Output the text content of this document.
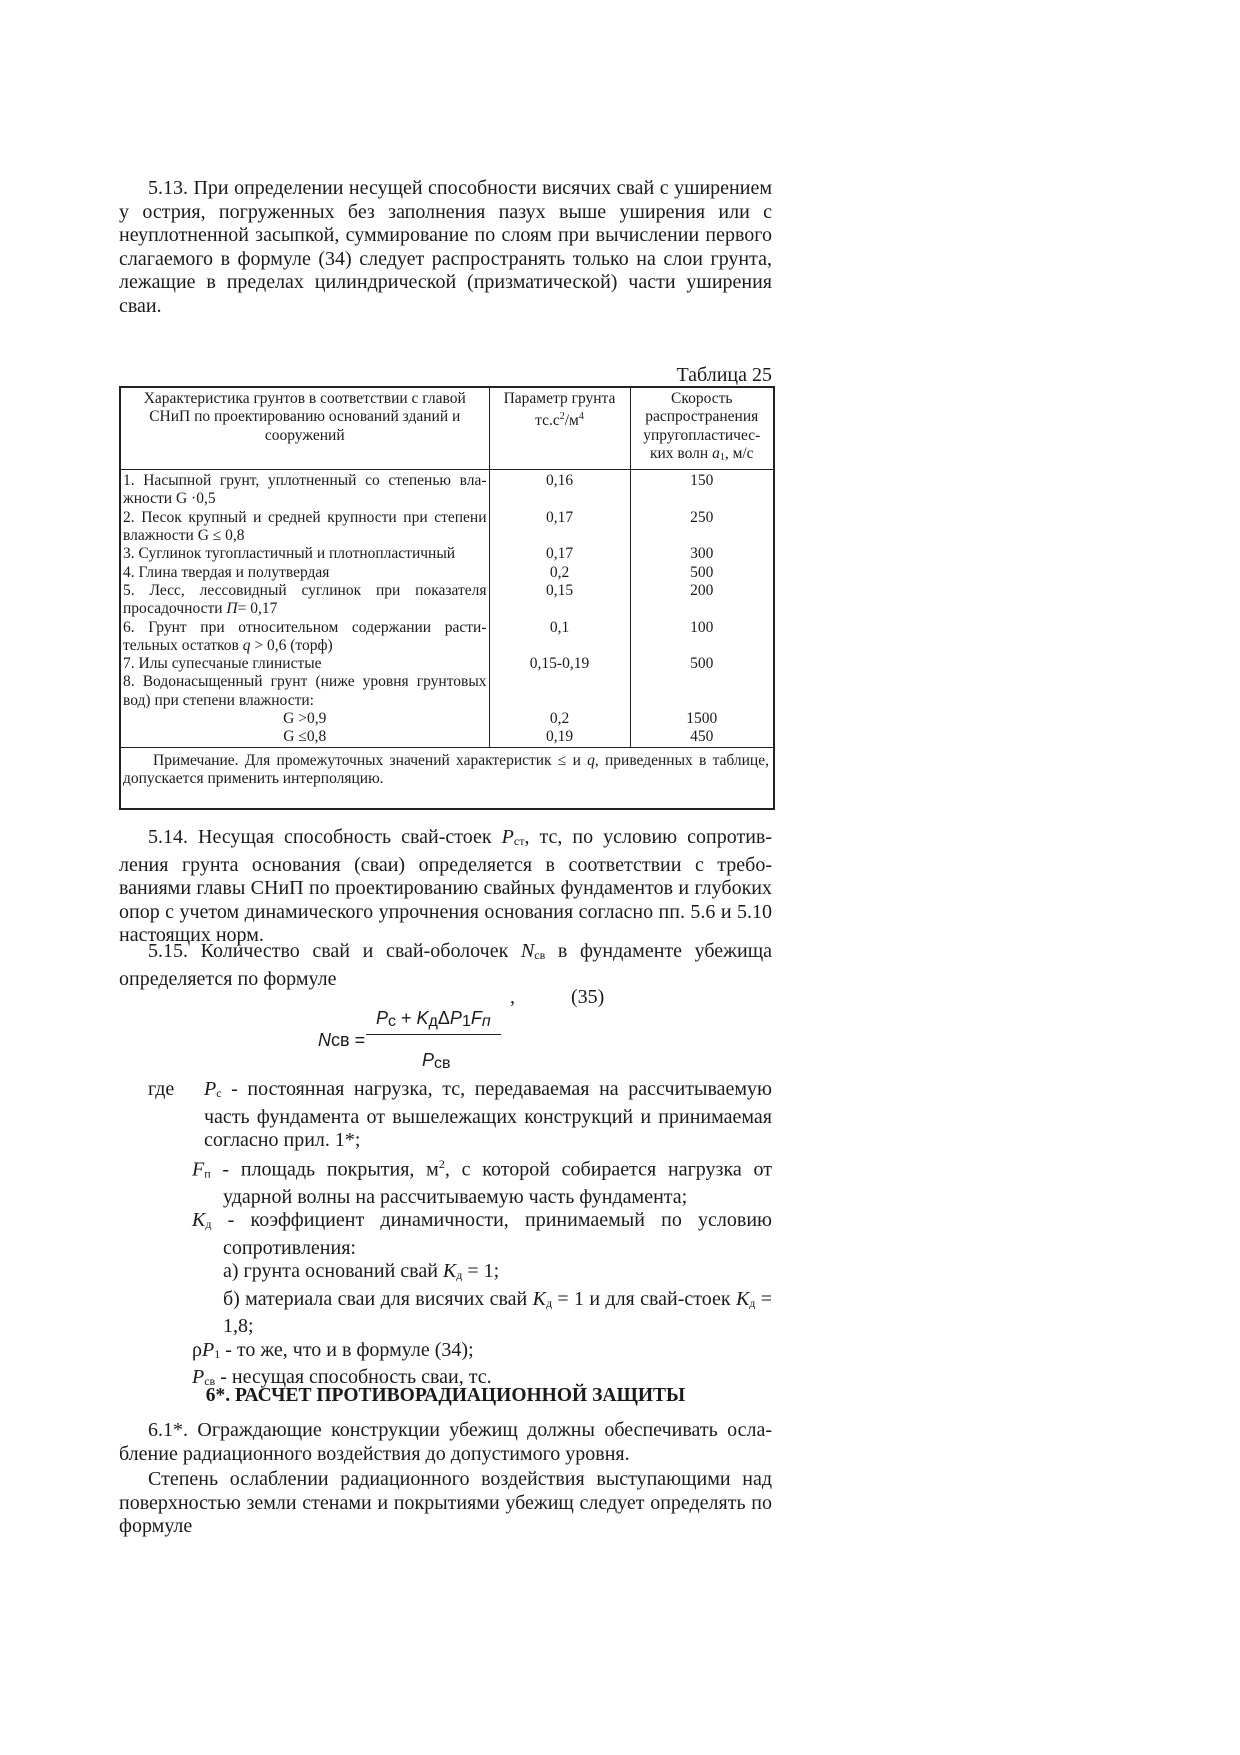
5.13. При определении несущей способности висячих свай с уширением у острия, погруженных без заполнения пазух выше уширения или с неуплотненной засыпкой, суммирование по слоям при вычислении первого слагаемого в формуле (34) следует распространять только на слои грунта, лежащие в пределах цилиндрической (призматической) части уширения сваи.

Таблица 25
Характеристика грунтов в соответствии с главой СНиП по проектированию оснований зданий и сооружений	Параметр грунта $тс.с^2/м^4$	Скорость распространения упругопластичес-ких волн $a_1$, м/с
1. Насыпной грунт, уплотненный со степенью вла-жности G ·0,5	0,16	150
2. Песок крупный и средней крупности при степени влажности G ≤ 0,8	0,17	250
3. Суглинок тугопластичный и плотнопластичный	0,17	300
4. Глина твердая и полутвердая	0,2	500
5. Лесс, лессовидный суглинок при показателя просадочности П= 0,17	0,15	200
6. Грунт при относительном содержании расти-тельных остатков q > 0,6 (торф)	0,1	100
7. Илы супесчаные глинистые	0,15-0,19	500
8. Водонасыщенный грунт (ниже уровня грунтовых вод) при степени влажности:		
G >0,9	0,2	1500
G ≤0,8	0,19	450
Примечание. Для промежуточных значений характеристик ≤ и q, приведенных в таблице, допускается применить интерполяцию.		

5.14. Несущая способность свай-стоек Pст, тс, по условию сопротив-ления грунта основания (сваи) определяется в соответствии с требо-ваниями главы СНиП по проектированию свайных фундаментов и глубоких опор с учетом динамического упрочнения основания согласно пп. 5.6 и 5.10 настоящих норм.

5.15. Количество свай и свай-оболочек Nсв в фундаменте убежища определяется по формуле

,	(35)
Nсв =
Pс + KдΔP1Fп
Pсв
где Pс - постоянная нагрузка, тс, передаваемая на рассчитываемую часть фундамента от вышележащих конструкций и принимаемая согласно прил. 1*;
Fп - площадь покрытия, $м^2$, с которой собирается нагрузка от ударной волны на рассчитываемую часть фундамента;
Kд - коэффициент динамичности, принимаемый по условию сопротивления:
а) грунта оснований свай Kд = 1;
б) материала сваи для висячих свай Kд = 1 и для свай-стоек Kд = 1,8;
ρP1 - то же, что и в формуле (34);
Pсв - несущая способность сваи, тс.
6*. РАСЧЕТ ПРОТИВОРАДИАЦИОННОЙ ЗАЩИТЫ

6.1*. Ограждающие конструкции убежищ должны обеспечивать осла-бление радиационного воздействия до допустимого уровня.

Степень ослаблении радиационного воздействия выступающими над поверхностью земли стенами и покрытиями убежищ следует определять по формуле
